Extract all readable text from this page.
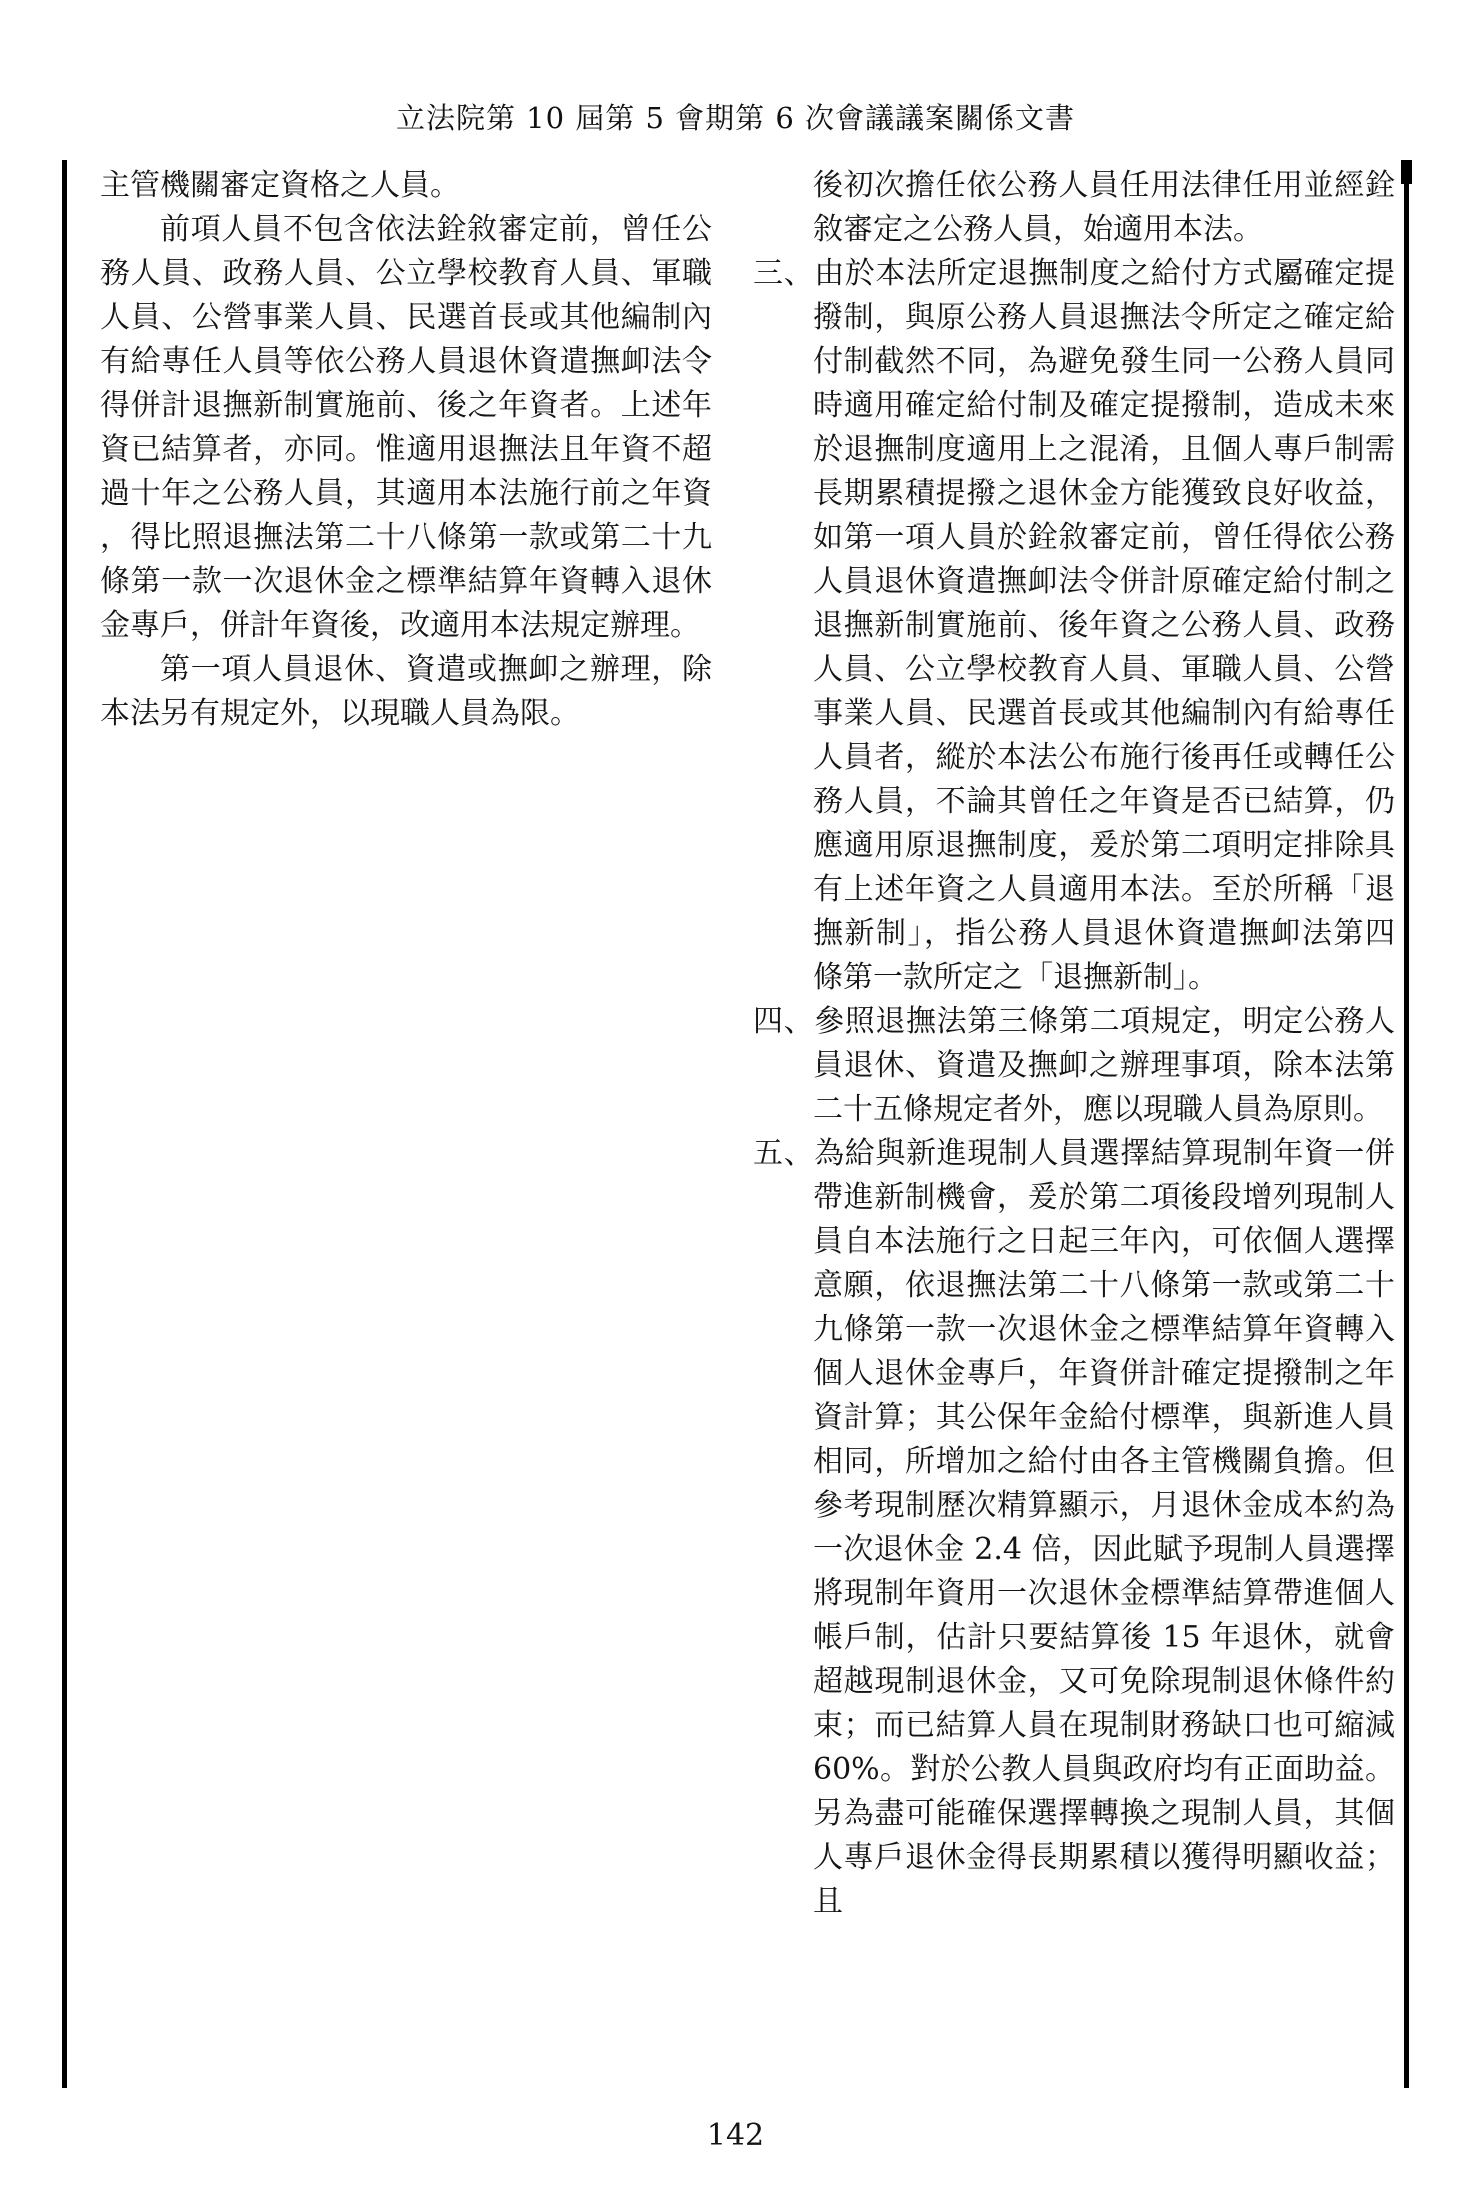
立法院第 10 屆第 5 會期第 6 次會議議案關係文書
主管機關審定資格之人員。
前項人員不包含依法銓敘審定前，曾任公務人員、政務人員、公立學校教育人員、軍職人員、公營事業人員、民選首長或其他編制內有給專任人員等依公務人員退休資遣撫卹法令得併計退撫新制實施前、後之年資者。上述年資已結算者，亦同。惟適用退撫法且年資不超過十年之公務人員，其適用本法施行前之年資，得比照退撫法第二十八條第一款或第二十九條第一款一次退休金之標準結算年資轉入退休金專戶，併計年資後，改適用本法規定辦理。
第一項人員退休、資遣或撫卹之辦理，除本法另有規定外，以現職人員為限。
後初次擔任依公務人員任用法律任用並經銓敘審定之公務人員，始適用本法。
三、由於本法所定退撫制度之給付方式屬確定提撥制，與原公務人員退撫法令所定之確定給付制截然不同，為避免發生同一公務人員同時適用確定給付制及確定提撥制，造成未來於退撫制度適用上之混淆，且個人專戶制需長期累積提撥之退休金方能獲致良好收益，如第一項人員於銓敘審定前，曾任得依公務人員退休資遣撫卹法令併計原確定給付制之退撫新制實施前、後年資之公務人員、政務人員、公立學校教育人員、軍職人員、公營事業人員、民選首長或其他編制內有給專任人員者，縱於本法公布施行後再任或轉任公務人員，不論其曾任之年資是否已結算，仍應適用原退撫制度，爰於第二項明定排除具有上述年資之人員適用本法。至於所稱「退撫新制」，指公務人員退休資遣撫卹法第四條第一款所定之「退撫新制」。
四、參照退撫法第三條第二項規定，明定公務人員退休、資遣及撫卹之辦理事項，除本法第二十五條規定者外，應以現職人員為原則。
五、為給與新進現制人員選擇結算現制年資一併帶進新制機會，爰於第二項後段增列現制人員自本法施行之日起三年內，可依個人選擇意願，依退撫法第二十八條第一款或第二十九條第一款一次退休金之標準結算年資轉入個人退休金專戶，年資併計確定提撥制之年資計算；其公保年金給付標準，與新進人員相同，所增加之給付由各主管機關負擔。但參考現制歷次精算顯示，月退休金成本約為一次退休金 2.4 倍，因此賦予現制人員選擇將現制年資用一次退休金標準結算帶進個人帳戶制，估計只要結算後 15 年退休，就會超越現制退休金，又可免除現制退休條件約束；而已結算人員在現制財務缺口也可縮減 60%。對於公教人員與政府均有正面助益。另為盡可能確保選擇轉換之現制人員，其個人專戶退休金得長期累積以獲得明顯收益；且
142
